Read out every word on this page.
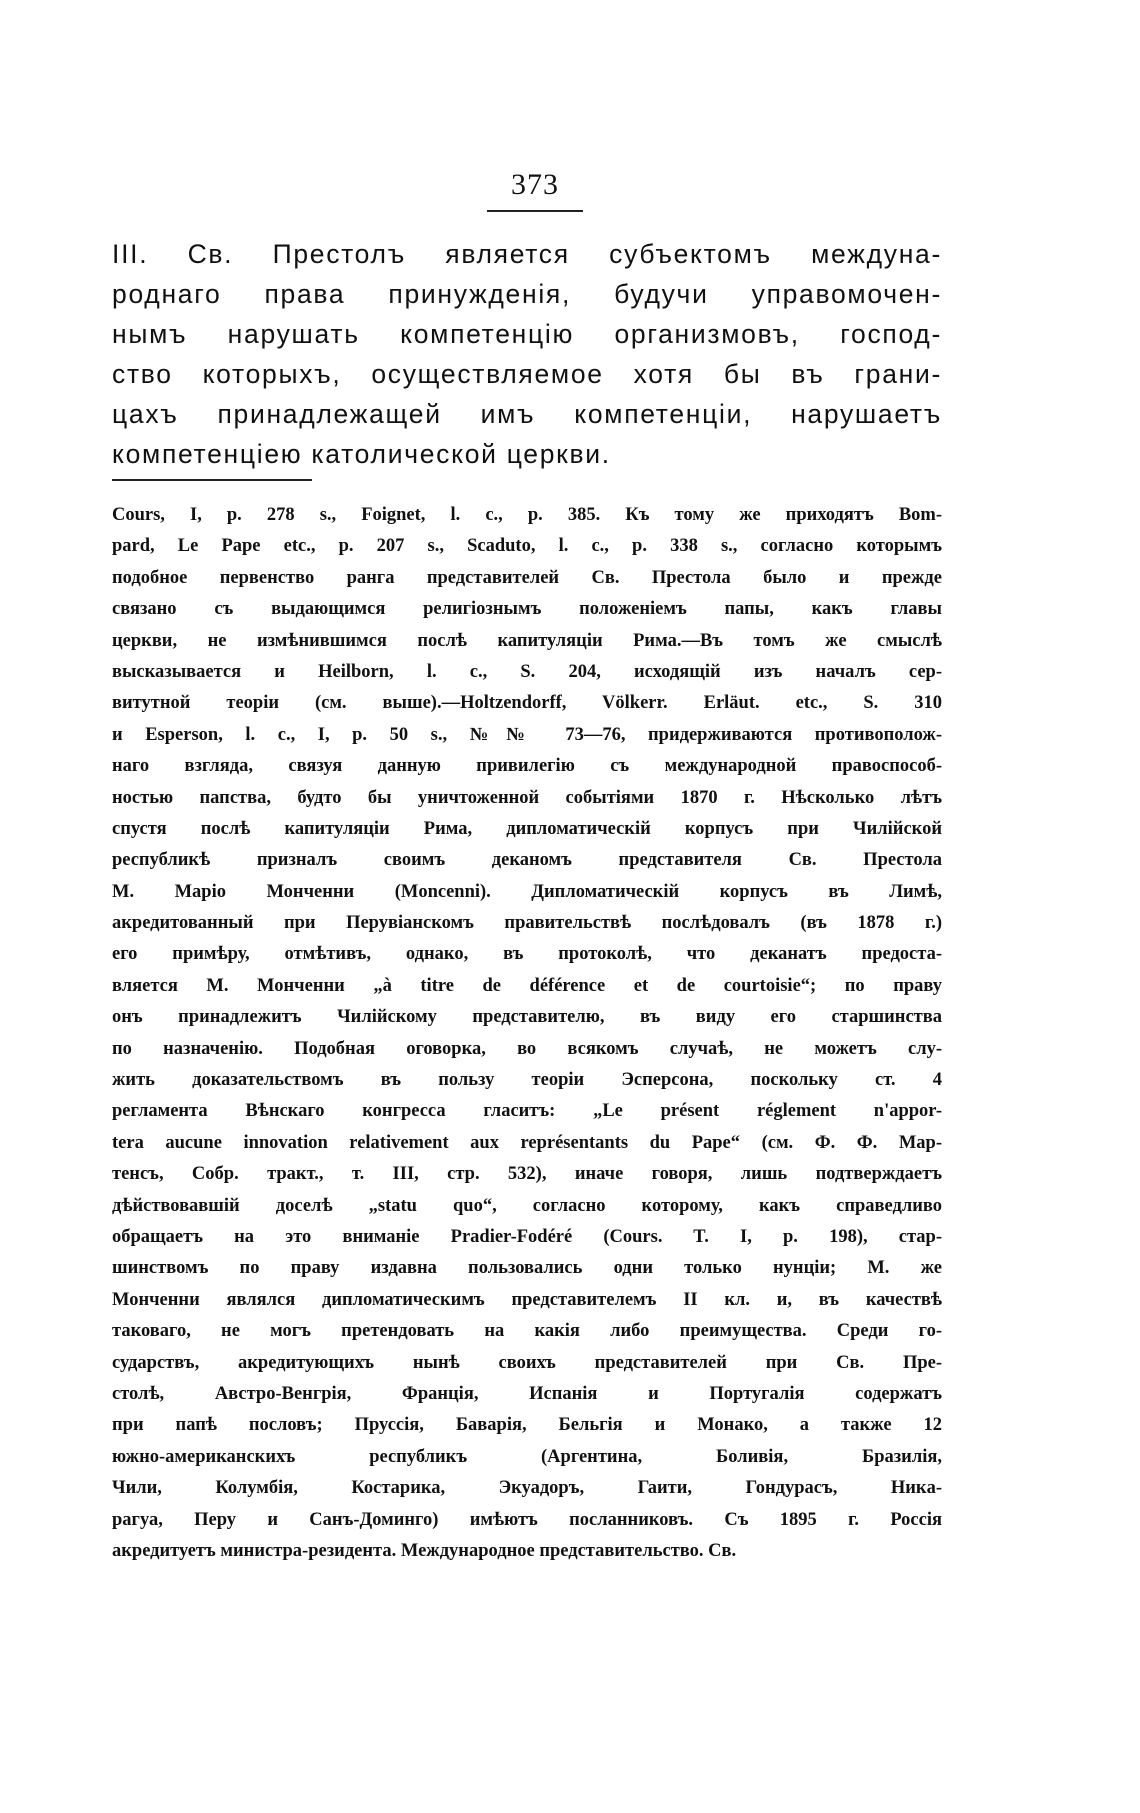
373
III. Св. Престолъ является субъектомъ междуна-
роднаго права принужденія, будучи управомочен-
нымъ нарушать компетенцію организмовъ, господ-
ство которыхъ, осуществляемое хотя бы въ грани-
цахъ принадлежащей имъ компетенціи, нарушаетъ
компетенціею католической церкви.
Cours, I, p. 278 s., Foignet, l. c., p. 385. Къ тому же приходятъ Bom-
pard, Le Pape etc., p. 207 s., Scaduto, l. c., p. 338 s., согласно которымъ
подобное первенство ранга представителей Св. Престола было и прежде
связано съ выдающимся религіознымъ положеніемъ папы, какъ главы
церкви, не измѣнившимся послѣ капитуляціи Рима.—Въ томъ же смыслѣ
высказывается и Heilborn, l. c., S. 204, исходящій изъ началъ сер-
витутной теоріи (см. выше).—Holtzendorff, Völkerr. Erläut. etc., S. 310
и Esperson, l. c., I, p. 50 s., №№ 73—76, придерживаются противополож-
наго взгляда, связуя данную привилегію съ международной правоспособ-
ностью папства, будто бы уничтоженной событіями 1870 г. Нѣсколько лѣтъ
спустя послѣ капитуляціи Рима, дипломатическій корпусъ при Чилійской
республикѣ призналъ своимъ деканомъ представителя Св. Престола
М. Маріо Монченни (Moncenni). Дипломатическій корпусъ въ Лимѣ,
акредитованный при Перувіанскомъ правительствѣ послѣдовалъ (въ 1878 г.)
его примѣру, отмѣтивъ, однако, въ протоколѣ, что деканатъ предоста-
вляется М. Монченни „à titre de déférence et de courtoisie“; по праву
онъ принадлежитъ Чилійскому представителю, въ виду его старшинства
по назначенію. Подобная оговорка, во всякомъ случаѣ, не можетъ слу-
жить доказательствомъ въ пользу теоріи Эсперсона, поскольку ст. 4
регламента Вѣнскаго конгресса гласитъ: „Le présent réglement n'appor-
tera aucune innovation relativement aux représentants du Pape“ (см. Ф. Ф. Мар-
тенсъ, Собр. тракт., т. III, стр. 532), иначе говоря, лишь подтверждаетъ
дѣйствовавшій доселѣ „statu quo“, согласно которому, какъ справедливо
обращаетъ на это вниманіе Pradier-Fodéré (Cours. T. I, p. 198), стар-
шинствомъ по праву издавна пользовались одни только нунціи; М. же
Монченни являлся дипломатическимъ представителемъ II кл. и, въ качествѣ
таковаго, не могъ претендовать на какія либо преимущества. Среди го-
сударствъ, акредитующихъ нынѣ своихъ представителей при Св. Пре-
столѣ, Австро-Венгрія, Франція, Испанія и Португалія содержатъ
при папѣ пословъ; Пруссія, Баварія, Бельгія и Монако, а также 12
южно-американскихъ республикъ (Аргентина, Боливія, Бразилія,
Чили, Колумбія, Костарика, Экуадоръ, Гаити, Гондурасъ, Никa-
рагуа, Перу и Санъ-Доминго) имѣютъ посланниковъ. Съ 1895 г. Россія
акредитуетъ министра-резидента. Международное представительство. Св.
